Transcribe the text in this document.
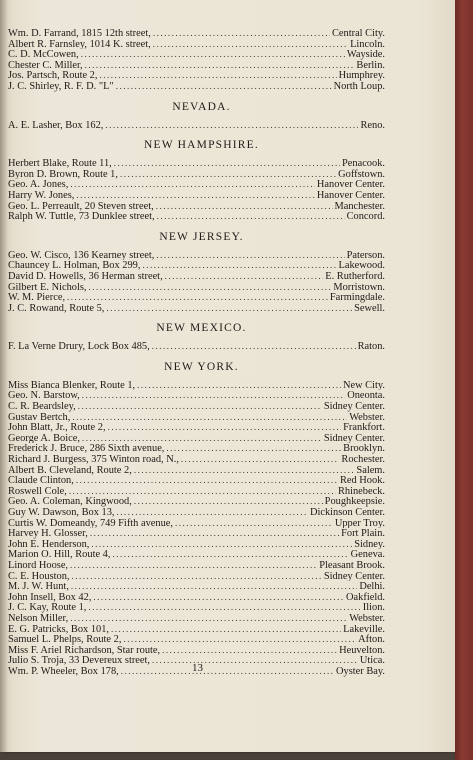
Wm. D. Farrand, 1815 12th street, .....	Central City.
Albert R. Farnsley, 1014 K. street, .....	Lincoln.
C. D. McCowen, .....	Wayside.
Chester C. Miller, .....	Berlin.
Jos. Partsch, Route 2, .....	Humphrey.
J. C. Shirley, R. F. D. "L" .....	North Loup.
NEVADA.
A. E. Lasher, Box 162, .....	Reno.
NEW HAMPSHIRE.
Herbert Blake, Route 11, .....	Penacook.
Byron D. Brown, Route 1, .....	Goffstown.
Geo. A. Jones, .....	Hanover Center.
Harry W. Jones, .....	Hanover Center.
Geo. L. Perreault, 20 Steven street, .....	Manchester.
Ralph W. Tuttle, 73 Dunklee street, .....	Concord.
NEW JERSEY.
Geo. W. Cisco, 136 Kearney street, .....	Paterson.
Chauncey L. Holman, Box 299, .....	Lakewood.
David D. Howells, 36 Herman street, .....	E. Rutherford.
Gilbert E. Nichols, .....	Morristown.
W. M. Pierce, .....	Farmingdale.
J. C. Rowand, Route 5, .....	Sewell.
NEW MEXICO.
F. La Verne Drury, Lock Box 485, .....	Raton.
NEW YORK.
Miss Bianca Blenker, Route 1, .....	New City.
Geo. N. Barstow, .....	Oneonta.
C. R. Beardsley, .....	Sidney Center.
Gustav Bertch, .....	Webster.
John Blatt, Jr., Route 2, .....	Frankfort.
George A. Boice, .....	Sidney Center.
Frederick J. Bruce, 286 Sixth avenue, .....	Brooklyn.
Richard J. Burgess, 375 Winton road, N., .....	Rochester.
Albert B. Cleveland, Route 2, .....	Salem.
Claude Clinton, .....	Red Hook.
Roswell Cole, .....	Rhinebeck.
Geo. A. Coleman, Kingwood, .....	Poughkeepsie.
Guy W. Dawson, Box 13, .....	Dickinson Center.
Curtis W. Domeandy, 749 Fifth avenue, .....	Upper Troy.
Harvey H. Glosser, .....	Fort Plain.
John E. Henderson, .....	Sidney.
Marion O. Hill, Route 4, .....	Geneva.
Linord Hoose, .....	Pleasant Brook.
C. E. Houston, .....	Sidney Center.
M. J. W. Hunt, .....	Delhi.
John Insell, Box 42, .....	Oakfield.
J. C. Kay, Route 1, .....	Ilion.
Nelson Miller, .....	Webster.
E. G. Patricks, Box 101, .....	Lakeville.
Samuel L. Phelps, Route 2, .....	Afton.
Miss F. Ariel Richardson, Star route, .....	Heuvelton.
Julio S. Troja, 33 Devereux street, .....	Utica.
Wm. P. Wheeler, Box 178, .....	Oyster Bay.
13
